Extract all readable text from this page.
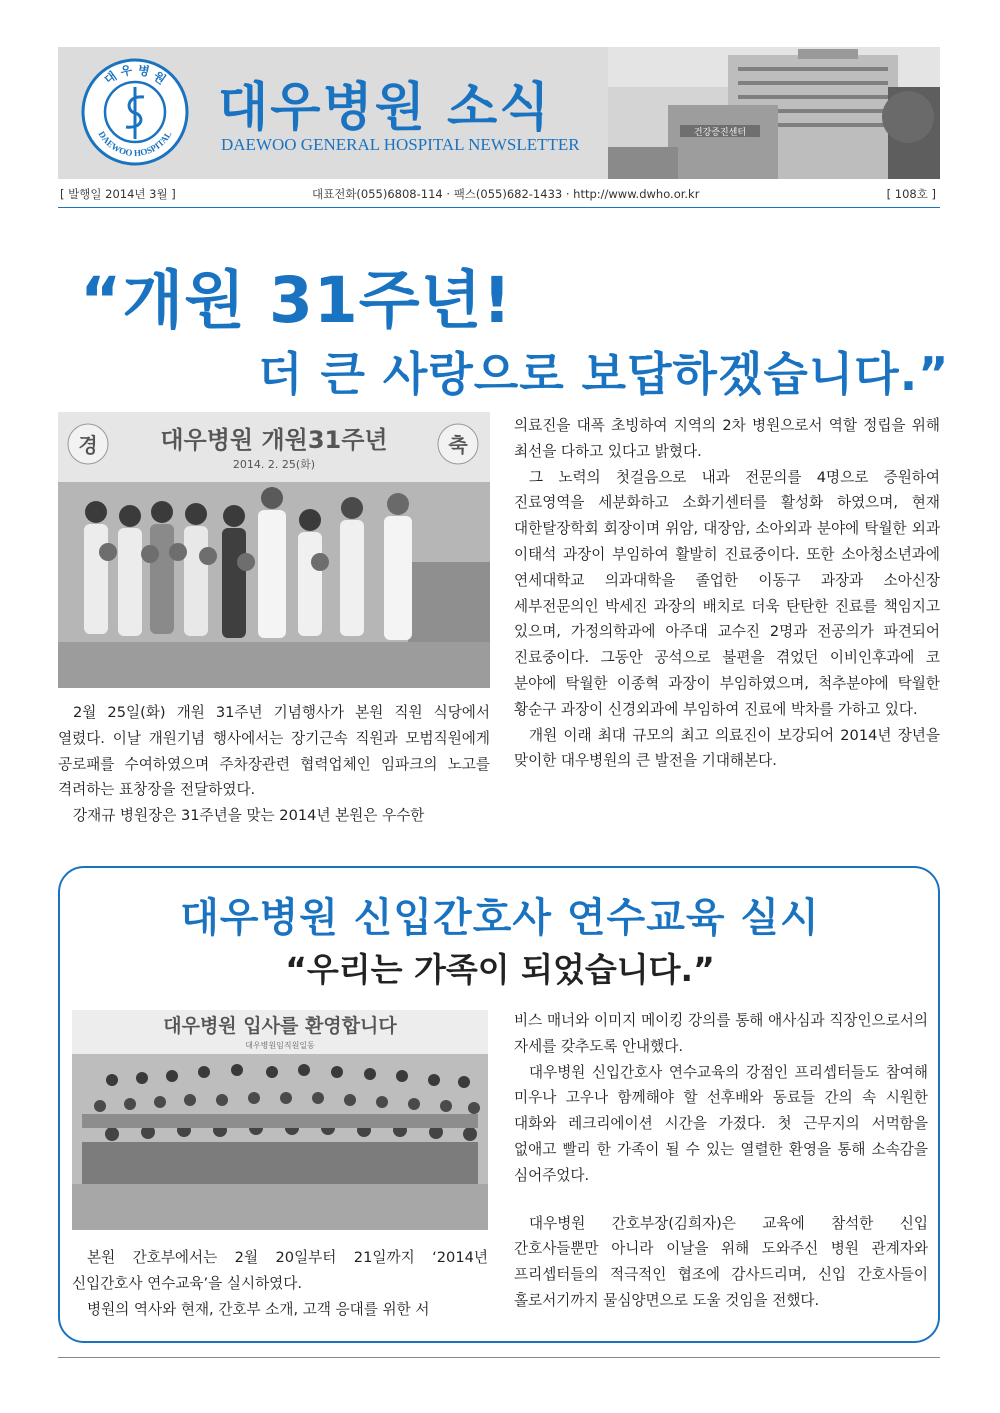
대 우 병 원
DAEWOO HOSPITAL 대우병원 소식
DAEWOO GENERAL HOSPITAL NEWSLETTER
건강증진센터
[ 발행일 2014년 3월 ]	대표전화(055)6808-114 · 팩스(055)682-1433 · http://www.dwho.or.kr	[ 108호 ]
“개원 31주년!
더 큰 사랑으로 보답하겠습니다.”
경	축
대우병원 개원31주년
2014. 2. 25(화)

2월 25일(화) 개원 31주년 기념행사가 본원 직원 식당에서 열렸다. 이날 개원기념 행사에서는 장기근속 직원과 모범직원에게 공로패를 수여하였으며 주차장관련 협력업체인 임파크의 노고를 격려하는 표창장을 전달하였다.

강재규 병원장은 31주년을 맞는 2014년 본원은 우수한

의료진을 대폭 초빙하여 지역의 2차 병원으로서 역할 정립을 위해 최선을 다하고 있다고 밝혔다.

그 노력의 첫걸음으로 내과 전문의를 4명으로 증원하여 진료영역을 세분화하고 소화기센터를 활성화 하였으며, 현재 대한탈장학회 회장이며 위암, 대장암, 소아외과 분야에 탁월한 외과 이태석 과장이 부임하여 활발히 진료중이다. 또한 소아청소년과에 연세대학교 의과대학을 졸업한 이동구 과장과 소아신장 세부전문의인 박세진 과장의 배치로 더욱 탄탄한 진료를 책임지고 있으며, 가정의학과에 아주대 교수진 2명과 전공의가 파견되어 진료중이다. 그동안 공석으로 불편을 겪었던 이비인후과에 코 분야에 탁월한 이종혁 과장이 부임하였으며, 척추분야에 탁월한 황순구 과장이 신경외과에 부임하여 진료에 박차를 가하고 있다.

개원 이래 최대 규모의 최고 의료진이 보강되어 2014년 장년을 맞이한 대우병원의 큰 발전을 기대해본다.

대우병원 신입간호사 연수교육 실시
“우리는 가족이 되었습니다.”
대우병원 입사를 환영합니다
대우병원임직원일동

본원 간호부에서는 2월 20일부터 21일까지 ‘2014년 신입간호사 연수교육’을 실시하였다.

병원의 역사와 현재, 간호부 소개, 고객 응대를 위한 서

비스 매너와 이미지 메이킹 강의를 통해 애사심과 직장인으로서의 자세를 갖추도록 안내했다.

대우병원 신입간호사 연수교육의 강점인 프리셉터들도 참여해 미우나 고우나 함께해야 할 선후배와 동료들 간의 속 시원한 대화와 레크리에이션 시간을 가졌다. 첫 근무지의 서먹함을 없애고 빨리 한 가족이 될 수 있는 열렬한 환영을 통해 소속감을 심어주었다.

대우병원 간호부장(김희자)은 교육에 참석한 신입 간호사들뿐만 아니라 이날을 위해 도와주신 병원 관계자와 프리셉터들의 적극적인 협조에 감사드리며, 신입 간호사들이 홀로서기까지 물심양면으로 도울 것임을 전했다.
